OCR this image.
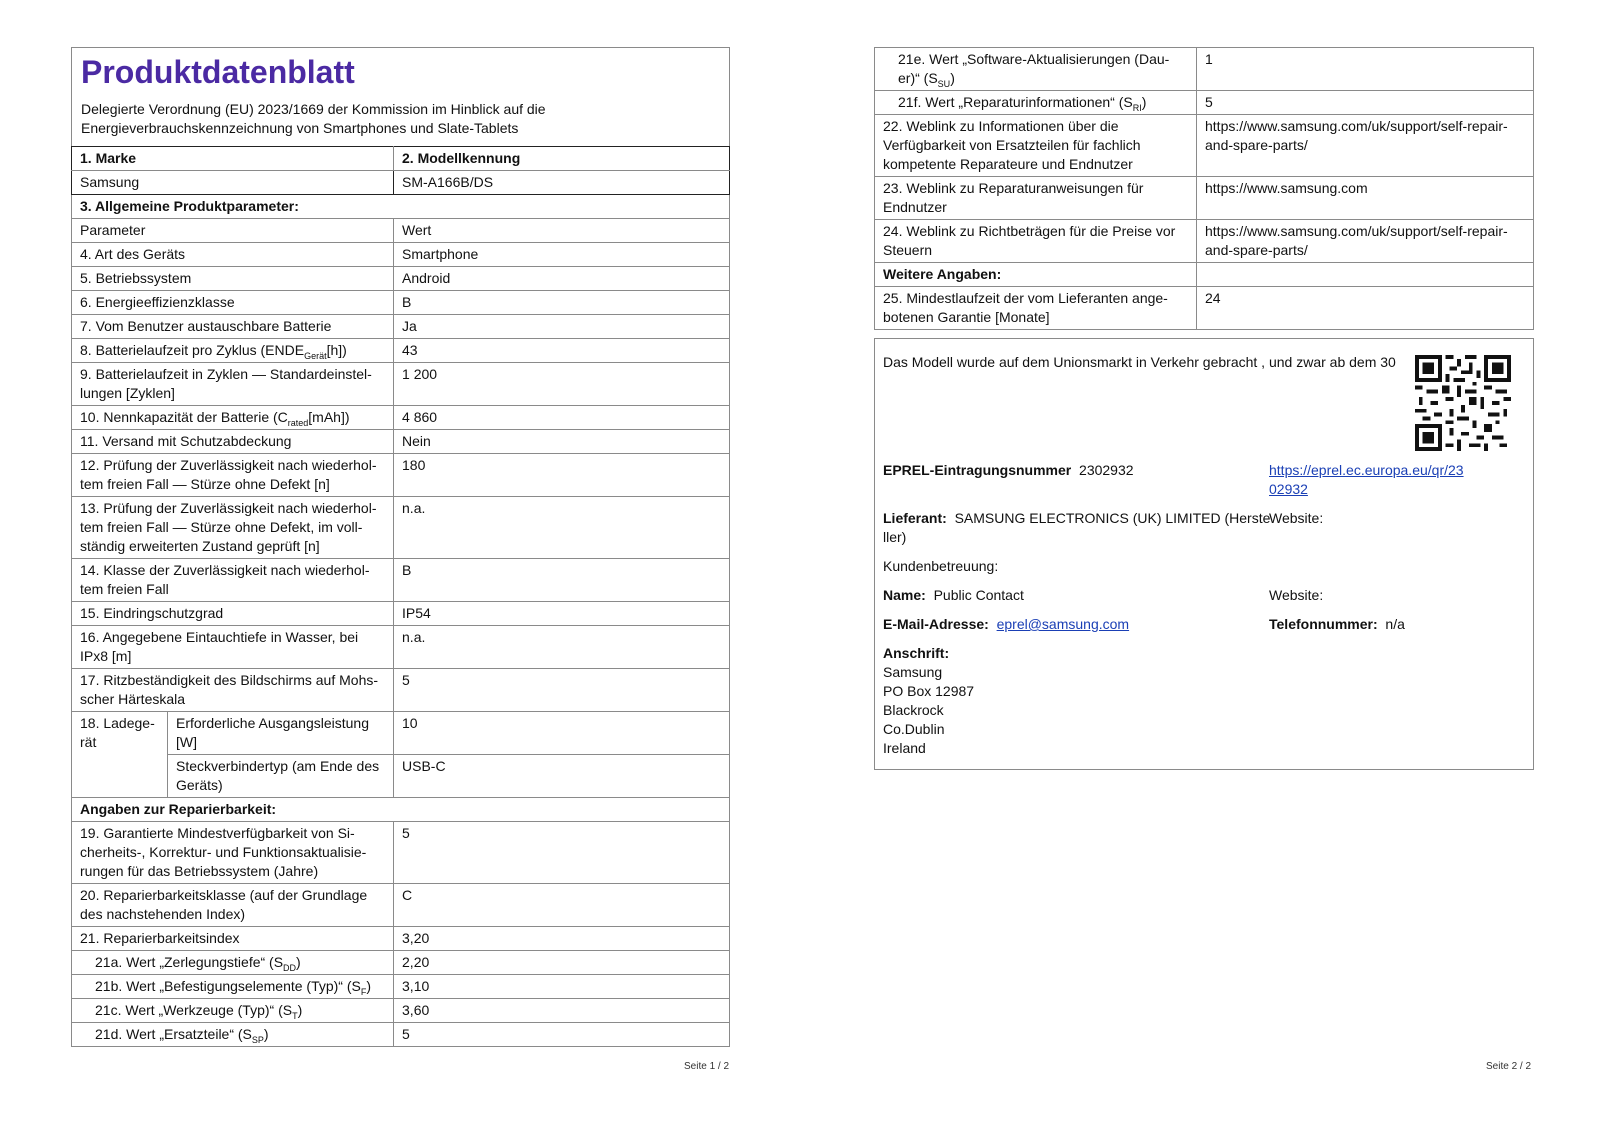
Produktdatenblatt
Delegierte Verordnung (EU) 2023/1669 der Kommission im Hinblick auf die
Energieverbrauchskennzeichnung von Smartphones und Slate-Tablets
1. Marke		2. Modellkennung
Samsung		SM-A166B/DS
3. Allgemeine Produktparameter:		
Parameter		Wert
4. Art des Geräts		Smartphone
5. Betriebssystem		Android
6. Energieeffizienzklasse		B
7. Vom Benutzer austauschbare Batterie		Ja
8. Batterielaufzeit pro Zyklus $(ENDE_{Gerät}[h])$		43
9. Batterielaufzeit in Zyklen — Standardeinstel-lungen [Zyklen]		1 200
10. Nennkapazität der Batterie $(C_{rated}[mAh])$		4 860
11. Versand mit Schutzabdeckung		Nein
12. Prüfung der Zuverlässigkeit nach wiederhol-tem freien Fall — Stürze ohne Defekt [n]		180
13. Prüfung der Zuverlässigkeit nach wiederhol-tem freien Fall — Stürze ohne Defekt, im voll-ständig erweiterten Zustand geprüft [n]		n.a.
14. Klasse der Zuverlässigkeit nach wiederhol-tem freien Fall		B
15. Eindringschutzgrad		IP54
16. Angegebene Eintauchtiefe in Wasser, bei IPx8 [m]		n.a.
17. Ritzbeständigkeit des Bildschirms auf Mohs-scher Härteskala		5
18. Ladege-rät	Erforderliche Ausgangsleistung [W]	10
	Steckverbindertyp (am Ende des Geräts)	USB-C
Angaben zur Reparierbarkeit:		
19. Garantierte Mindestverfügbarkeit von Si-cherheits-, Korrektur- und Funktionsaktualisie-rungen für das Betriebssystem (Jahre)		5
20. Reparierbarkeitsklasse (auf der Grundlage des nachstehenden Index)		C
21. Reparierbarkeitsindex		3,20
21a. Wert „Zerlegungstiefe“ $(S_{DD})$		2,20
21b. Wert „Befestigungselemente (Typ)“ $(S_F)$		3,10
21c. Wert „Werkzeuge (Typ)“ $(S_T)$		3,60
21d. Wert „Ersatzteile“ $(S_{SP})$		5
21e. Wert „Software-Aktualisierungen (Dau-er)“ $(S_{SU})$	1
21f. Wert „Reparaturinformationen“ $(S_{RI})$	5
22. Weblink zu Informationen über die Verfügbarkeit von Ersatzteilen für fachlich kompetente Reparateure und Endnutzer	https://www.samsung.com/uk/support/self-repair-and-spare-parts/
23. Weblink zu Reparaturanweisungen für Endnutzer	https://www.samsung.com
24. Weblink zu Richtbeträgen für die Preise vor Steuern	https://www.samsung.com/uk/support/self-repair-and-spare-parts/
Weitere Angaben:	
25. Mindestlaufzeit der vom Lieferanten ange-botenen Garantie [Monate]	24
Das Modell wurde auf dem Unionsmarkt in Verkehr gebracht , und zwar ab dem 30
EPREL-Eintragungsnummer 2302932	https://eprel.ec.europa.eu/qr/23
02932
Lieferant: SAMSUNG ELECTRONICS (UK) LIMITED (Herste
ller)
Website:
Kundenbetreuung:
Name: Public Contact	Website:
E-Mail-Adresse: eprel@samsung.com	Telefonnummer: n/a
Anschrift:
Samsung
PO Box 12987
Blackrock
Co.Dublin
Ireland
Seite 1 / 2	Seite 2 / 2
